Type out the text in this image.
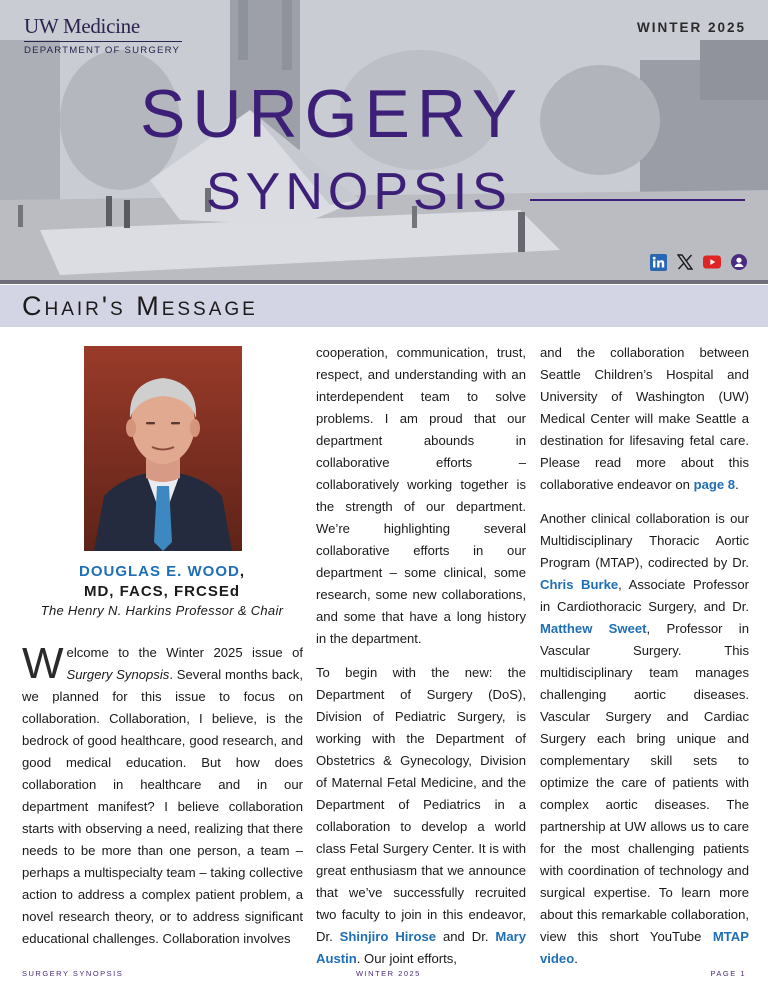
UW Medicine
DEPARTMENT OF SURGERY
WINTER 2025
SURGERY
SYNOPSIS
Chair's Message
DOUGLAS E. WOOD,
MD, FACS, FRCSEd
The Henry N. Harkins Professor & Chair

Welcome to the Winter 2025 issue of Surgery Synopsis. Several months back, we planned for this issue to focus on collaboration. Collaboration, I believe, is the bedrock of good healthcare, good research, and good medical education. But how does collaboration in healthcare and in our department manifest? I believe collaboration starts with observing a need, realizing that there needs to be more than one person, a team – perhaps a multispecialty team – taking collective action to address a complex patient problem, a novel research theory, or to address significant educational challenges. Collaboration involves

cooperation, communication, trust, respect, and understanding with an interdependent team to solve problems. I am proud that our department abounds in collaborative efforts – collaboratively working together is the strength of our department. We’re highlighting several collaborative efforts in our department – some clinical, some research, some new collaborations, and some that have a long history in the department.

To begin with the new: the Department of Surgery (DoS), Division of Pediatric Surgery, is working with the Department of Obstetrics & Gynecology, Division of Maternal Fetal Medicine, and the Department of Pediatrics in a collaboration to develop a world class Fetal Surgery Center. It is with great enthusiasm that we announce that we’ve successfully recruited two faculty to join in this endeavor, Dr. Shinjiro Hirose and Dr. Mary Austin. Our joint efforts,

and the collaboration between Seattle Children’s Hospital and University of Washington (UW) Medical Center will make Seattle a destination for lifesaving fetal care. Please read more about this collaborative endeavor on page 8.

Another clinical collaboration is our Multidisciplinary Thoracic Aortic Program (MTAP), codirected by Dr. Chris Burke, Associate Professor in Cardiothoracic Surgery, and Dr. Matthew Sweet, Professor in Vascular Surgery. This multidisciplinary team manages challenging aortic diseases. Vascular Surgery and Cardiac Surgery each bring unique and complementary skill sets to optimize the care of patients with complex aortic diseases. The partnership at UW allows us to care for the most challenging patients with coordination of technology and surgical expertise. To learn more about this remarkable collaboration, view this short YouTube MTAP video.

SURGERY SYNOPSIS	WINTER 2025	PAGE 1
